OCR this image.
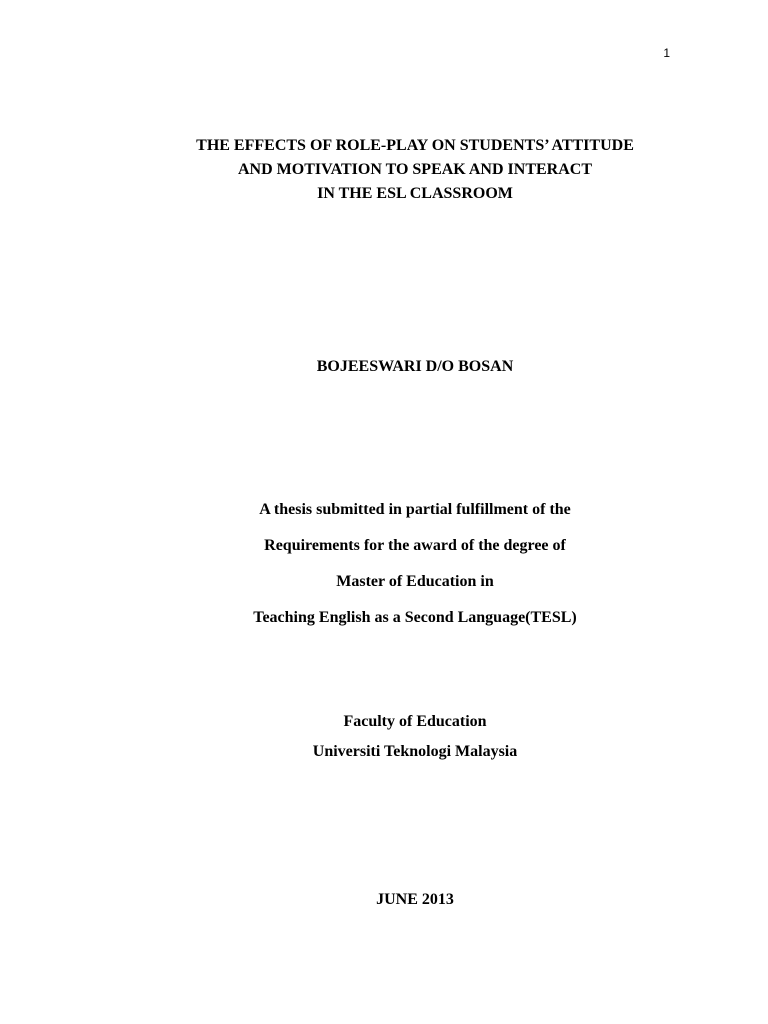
1
THE EFFECTS OF ROLE-PLAY ON STUDENTS’ ATTITUDE
AND MOTIVATION TO SPEAK AND INTERACT
IN THE ESL CLASSROOM
BOJEESWARI D/O BOSAN
A thesis submitted in partial fulfillment of the
Requirements for the award of the degree of
Master of Education in
Teaching English as a Second Language(TESL)
Faculty of Education
Universiti Teknologi Malaysia
JUNE 2013
